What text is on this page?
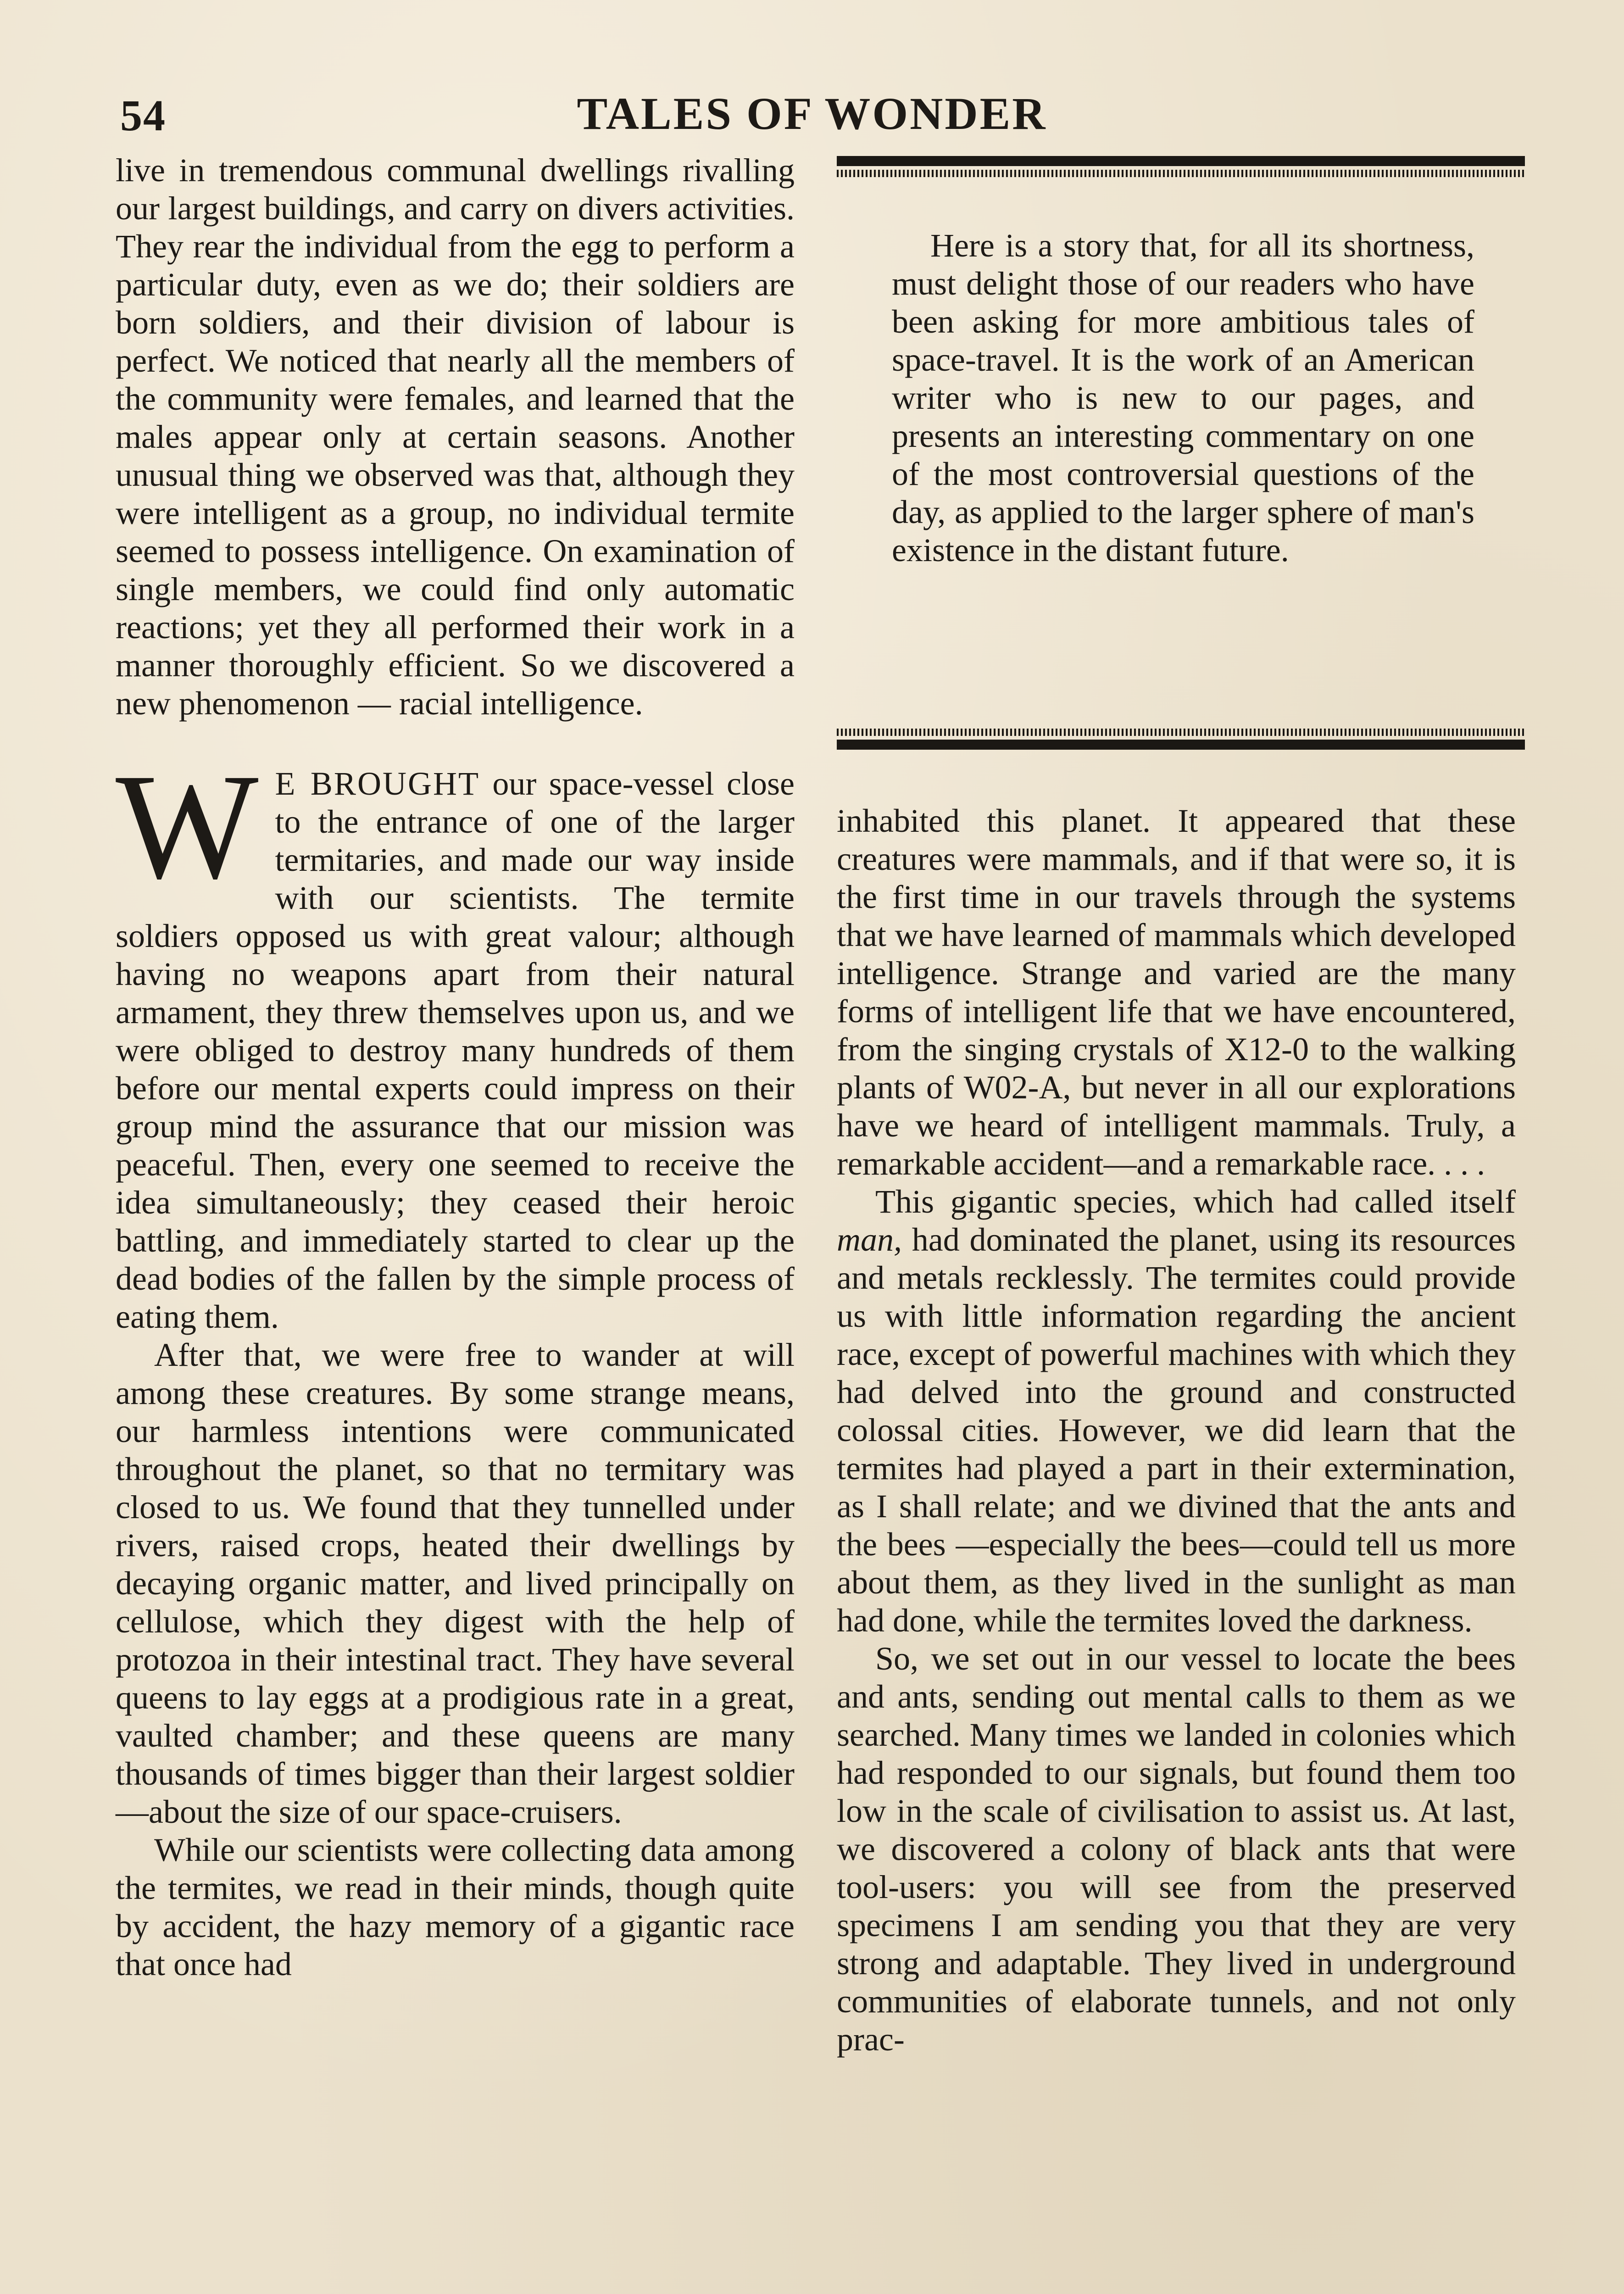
54	TALES OF WONDER

live in tremendous communal dwellings rivalling our largest buildings, and carry on divers activities. They rear the individual from the egg to perform a particular duty, even as we do; their soldiers are born soldiers, and their division of labour is perfect. We noticed that nearly all the members of the community were females, and learned that the males appear only at certain seasons. Another unusual thing we observed was that, although they were intelligent as a group, no individual termite seemed to possess intelligence. On examination of single members, we could find only automatic reactions; yet they all performed their work in a manner thoroughly efficient. So we discovered a new phenomenon — racial intelligence.

W E BROUGHT our space-vessel close to the entrance of one of the larger termitaries, and made our way inside with our scientists. The termite soldiers opposed us with great valour; although having no weapons apart from their natural armament, they threw themselves upon us, and we were obliged to destroy many hundreds of them before our mental experts could impress on their group mind the assurance that our mission was peaceful. Then, every one seemed to receive the idea simultaneously; they ceased their heroic battling, and immediately started to clear up the dead bodies of the fallen by the simple process of eating them.

After that, we were free to wander at will among these creatures. By some strange means, our harmless intentions were communicated throughout the planet, so that no termitary was closed to us. We found that they tunnelled under rivers, raised crops, heated their dwellings by decaying organic matter, and lived principally on cellulose, which they digest with the help of protozoa in their intestinal tract. They have several queens to lay eggs at a prodigious rate in a great, vaulted chamber; and these queens are many thousands of times bigger than their largest soldier—about the size of our space-cruisers.

While our scientists were collecting data among the termites, we read in their minds, though quite by accident, the hazy memory of a gigantic race that once had

Here is a story that, for all its shortness, must delight those of our readers who have been asking for more ambitious tales of space-travel. It is the work of an American writer who is new to our pages, and presents an interesting commentary on one of the most controversial questions of the day, as applied to the larger sphere of man's existence in the distant future.

inhabited this planet. It appeared that these creatures were mammals, and if that were so, it is the first time in our travels through the systems that we have learned of mammals which developed intelligence. Strange and varied are the many forms of intelligent life that we have encountered, from the singing crystals of X12-0 to the walking plants of W02-A, but never in all our explorations have we heard of intelligent mammals. Truly, a remarkable accident—and a remarkable race. . . .

This gigantic species, which had called itself man, had dominated the planet, using its resources and metals recklessly. The termites could provide us with little information regarding the ancient race, except of powerful machines with which they had delved into the ground and constructed colossal cities. However, we did learn that the termites had played a part in their extermination, as I shall relate; and we divined that the ants and the bees —especially the bees—could tell us more about them, as they lived in the sunlight as man had done, while the termites loved the darkness.

So, we set out in our vessel to locate the bees and ants, sending out mental calls to them as we searched. Many times we landed in colonies which had responded to our signals, but found them too low in the scale of civilisation to assist us. At last, we discovered a colony of black ants that were tool-users: you will see from the preserved specimens I am sending you that they are very strong and adaptable. They lived in underground communities of elaborate tunnels, and not only prac-
